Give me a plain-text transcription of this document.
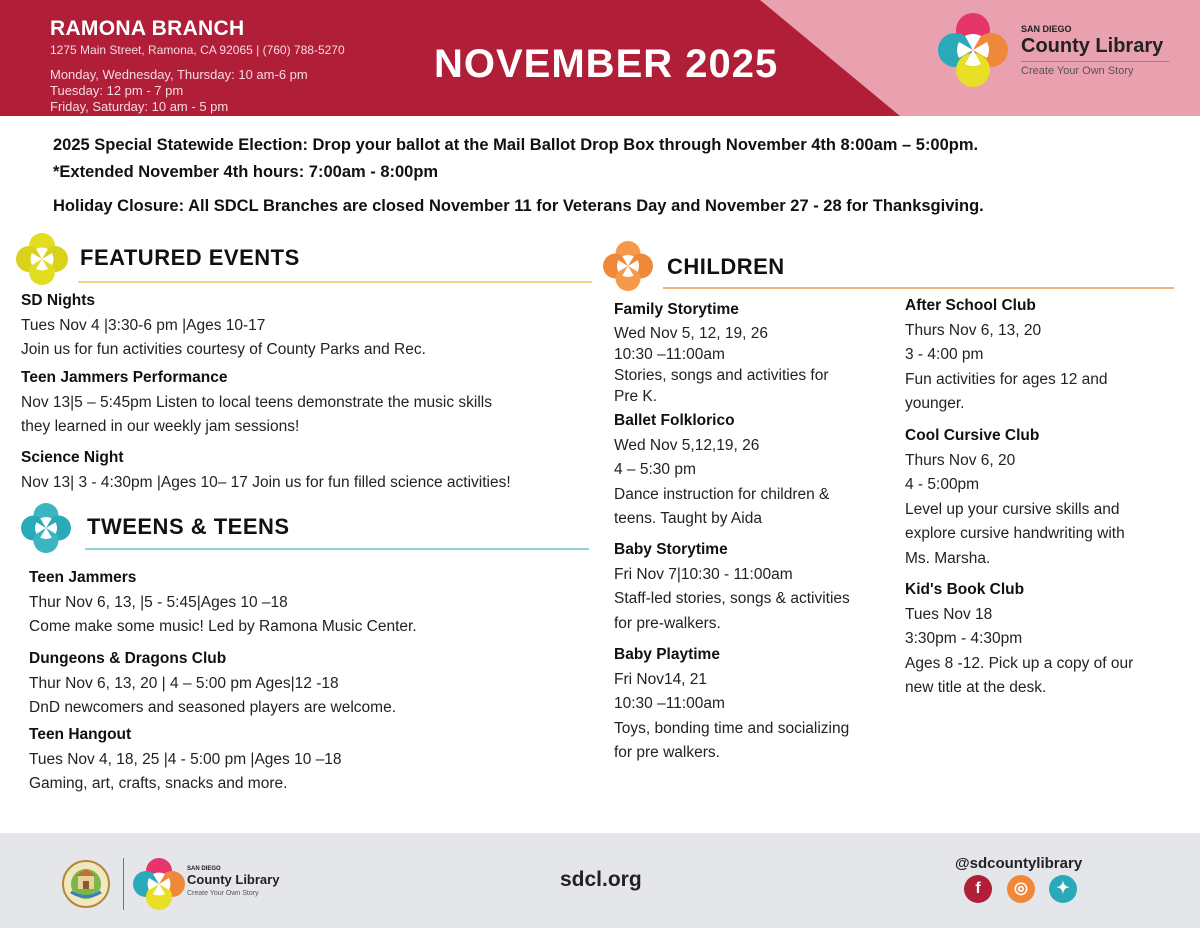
RAMONA BRANCH
1275 Main Street, Ramona, CA 92065 | (760) 788-5270
Monday, Wednesday, Thursday: 10 am-6 pm
Tuesday: 12 pm - 7 pm
Friday, Saturday: 10 am - 5 pm
NOVEMBER 2025
SAN DIEGO
County Library
Create Your Own Story
2025 Special Statewide Election: Drop your ballot at the Mail Ballot Drop Box through November 4th 8:00am – 5:00pm.
*Extended November 4th hours: 7:00am - 8:00pm
Holiday Closure: All SDCL Branches are closed November 11 for Veterans Day and November 27 - 28 for Thanksgiving.
FEATURED EVENTS
SD Nights
Tues Nov 4 |3:30-6 pm |Ages 10-17
Join us for fun activities courtesy of County Parks and Rec.
Teen Jammers Performance
Nov 13|5 – 5:45pm Listen to local teens demonstrate the music skills
they learned in our weekly jam sessions!
Science Night
Nov 13| 3 - 4:30pm |Ages 10– 17 Join us for fun filled science activities!
TWEENS & TEENS
Teen Jammers
Thur Nov 6, 13, |5 - 5:45|Ages 10 –18
Come make some music! Led by Ramona Music Center.
Dungeons & Dragons Club
Thur Nov 6, 13, 20 | 4 – 5:00 pm Ages|12 -18
DnD newcomers and seasoned players are welcome.
Teen Hangout
Tues Nov 4, 18, 25 |4 - 5:00 pm |Ages 10 –18
Gaming, art, crafts, snacks and more.
CHILDREN
Family Storytime
Wed Nov 5, 12, 19, 26
10:30 –11:00am
Stories, songs and activities for
Pre K.
Ballet Folklorico
Wed Nov 5,12,19, 26
4 – 5:30 pm
Dance instruction for children &
teens. Taught by Aida
Baby Storytime
Fri Nov 7|10:30 - 11:00am
Staff-led stories, songs & activities
for pre-walkers.
Baby Playtime
Fri Nov14, 21
10:30 –11:00am
Toys, bonding time and socializing
for pre walkers.
After School Club
Thurs Nov 6, 13, 20
3 - 4:00 pm
Fun activities for ages 12 and
younger.
Cool Cursive Club
Thurs Nov 6, 20
4 - 5:00pm
Level up your cursive skills and
explore cursive handwriting with
Ms. Marsha.
Kid's Book Club
Tues Nov 18
3:30pm - 4:30pm
Ages 8 -12. Pick up a copy of our
new title at the desk.
SAN DIEGO
County Library
Create Your Own Story
sdcl.org
@sdcountylibrary
f	◎	✦
